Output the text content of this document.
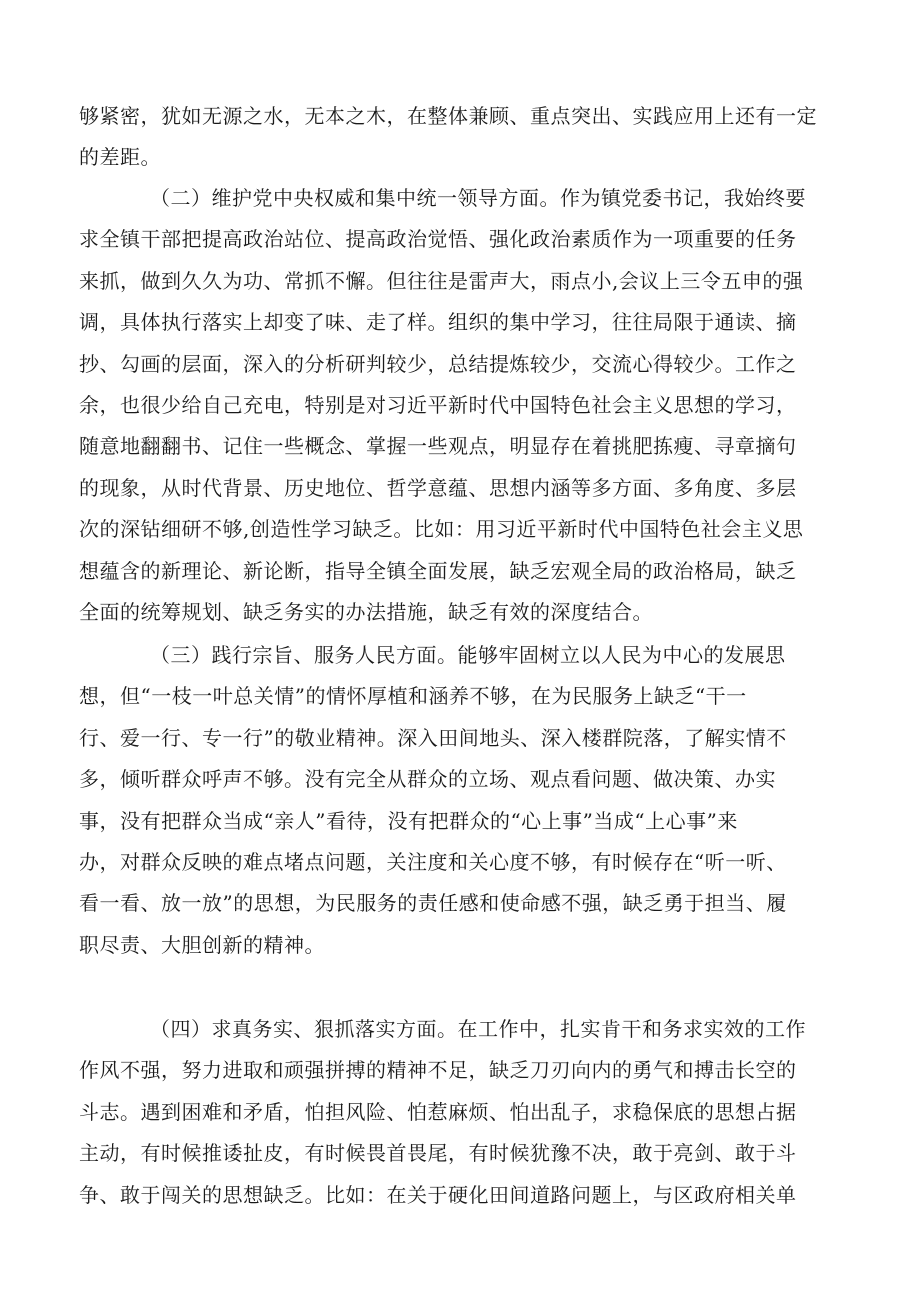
够紧密，犹如无源之水，无本之木，在整体兼顾、重点突出、实践应用上还有一定
的差距。
（二）维护党中央权威和集中统一领导方面。作为镇党委书记，我始终要
求全镇干部把提高政治站位、提高政治觉悟、强化政治素质作为一项重要的任务
来抓，做到久久为功、常抓不懈。但往往是雷声大，雨点小,会议上三令五申的强
调，具体执行落实上却变了味、走了样。组织的集中学习，往往局限于通读、摘
抄、勾画的层面，深入的分析研判较少，总结提炼较少，交流心得较少。工作之
余，也很少给自己充电，特别是对习近平新时代中国特色社会主义思想的学习，
随意地翻翻书、记住一些概念、掌握一些观点，明显存在着挑肥拣瘦、寻章摘句
的现象，从时代背景、历史地位、哲学意蕴、思想内涵等多方面、多角度、多层
次的深钻细研不够,创造性学习缺乏。比如：用习近平新时代中国特色社会主义思
想蕴含的新理论、新论断，指导全镇全面发展，缺乏宏观全局的政治格局，缺乏
全面的统筹规划、缺乏务实的办法措施，缺乏有效的深度结合。
（三）践行宗旨、服务人民方面。能够牢固树立以人民为中心的发展思
想，但“一枝一叶总关情”的情怀厚植和涵养不够，在为民服务上缺乏“干一
行、爱一行、专一行”的敬业精神。深入田间地头、深入楼群院落，了解实情不
多，倾听群众呼声不够。没有完全从群众的立场、观点看问题、做决策、办实
事，没有把群众当成“亲人”看待，没有把群众的“心上事”当成“上心事”来
办，对群众反映的难点堵点问题，关注度和关心度不够，有时候存在“听一听、
看一看、放一放”的思想，为民服务的责任感和使命感不强，缺乏勇于担当、履
职尽责、大胆创新的精神。
（四）求真务实、狠抓落实方面。在工作中，扎实肯干和务求实效的工作
作风不强，努力进取和顽强拼搏的精神不足，缺乏刀刃向内的勇气和搏击长空的
斗志。遇到困难和矛盾，怕担风险、怕惹麻烦、怕出乱子，求稳保底的思想占据
主动，有时候推诿扯皮，有时候畏首畏尾，有时候犹豫不决，敢于亮剑、敢于斗
争、敢于闯关的思想缺乏。比如：在关于硬化田间道路问题上，与区政府相关单
